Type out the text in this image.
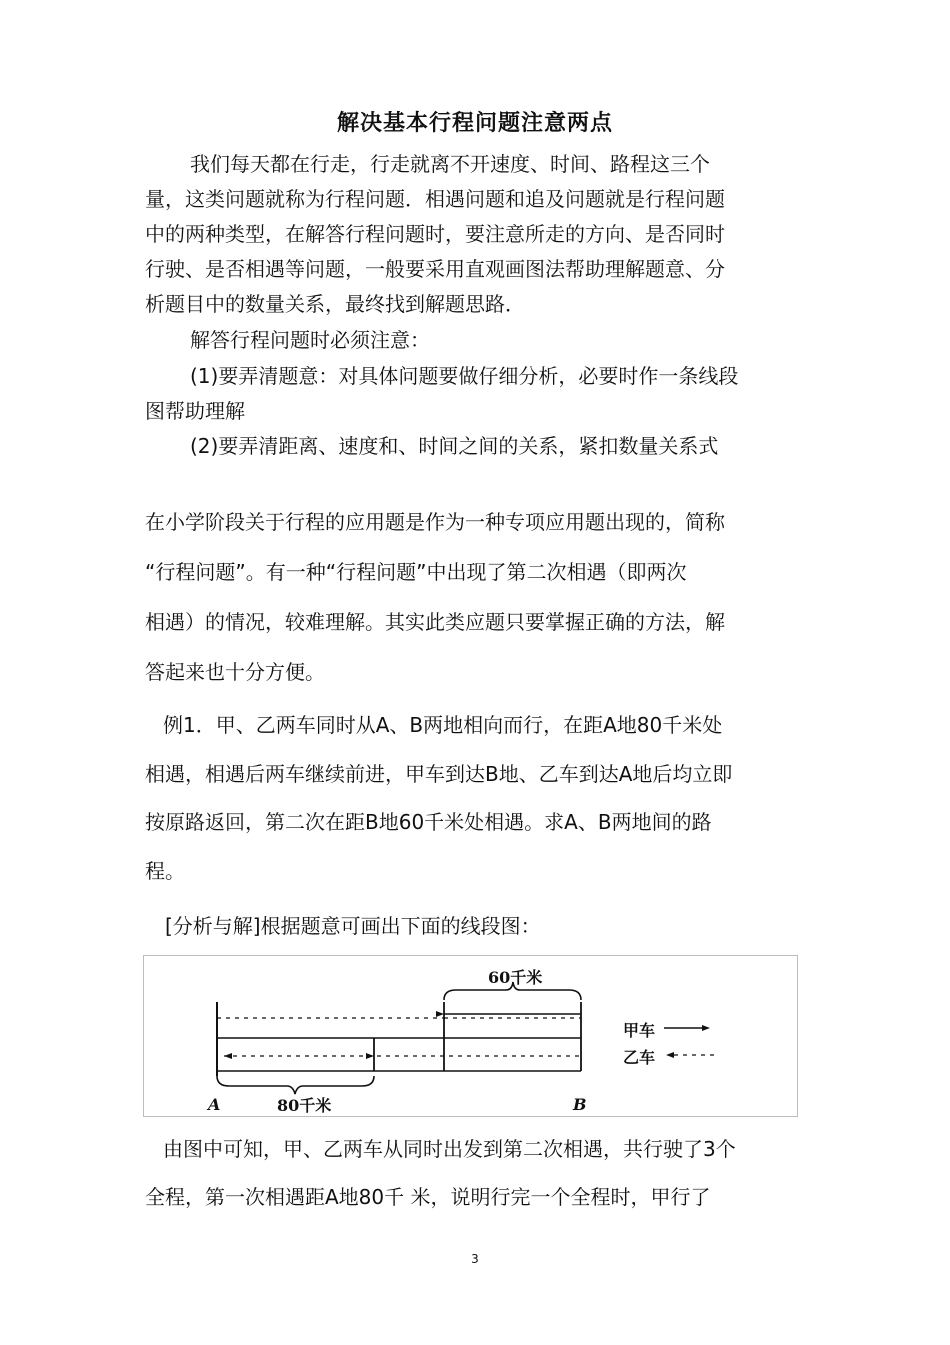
解决基本行程问题注意两点
我们每天都在行走，行走就离不开速度、时间、路程这三个
量，这类问题就称为行程问题．相遇问题和追及问题就是行程问题
中的两种类型，在解答行程问题时，要注意所走的方向、是否同时
行驶、是否相遇等问题，一般要采用直观画图法帮助理解题意、分
析题目中的数量关系，最终找到解题思路．
解答行程问题时必须注意：
(1)要弄清题意：对具体问题要做仔细分析，必要时作一条线段
图帮助理解
(2)要弄清距离、速度和、时间之间的关系，紧扣数量关系式
在小学阶段关于行程的应用题是作为一种专项应用题出现的，简称
“行程问题”。有一种“行程问题”中出现了第二次相遇（即两次
相遇）的情况，较难理解。其实此类应题只要掌握正确的方法，解
答起来也十分方便。
例1．甲、乙两车同时从A、B两地相向而行，在距A地80千米处
相遇，相遇后两车继续前进，甲车到达B地、乙车到达A地后均立即
按原路返回，第二次在距B地60千米处相遇。求A、B两地间的路
程。
[分析与解]根据题意可画出下面的线段图：
60千米
80千米
A	B
甲车
乙车
由图中可知，甲、乙两车从同时出发到第二次相遇，共行驶了3个
全程，第一次相遇距A地80千 米，说明行完一个全程时，甲行了
3
